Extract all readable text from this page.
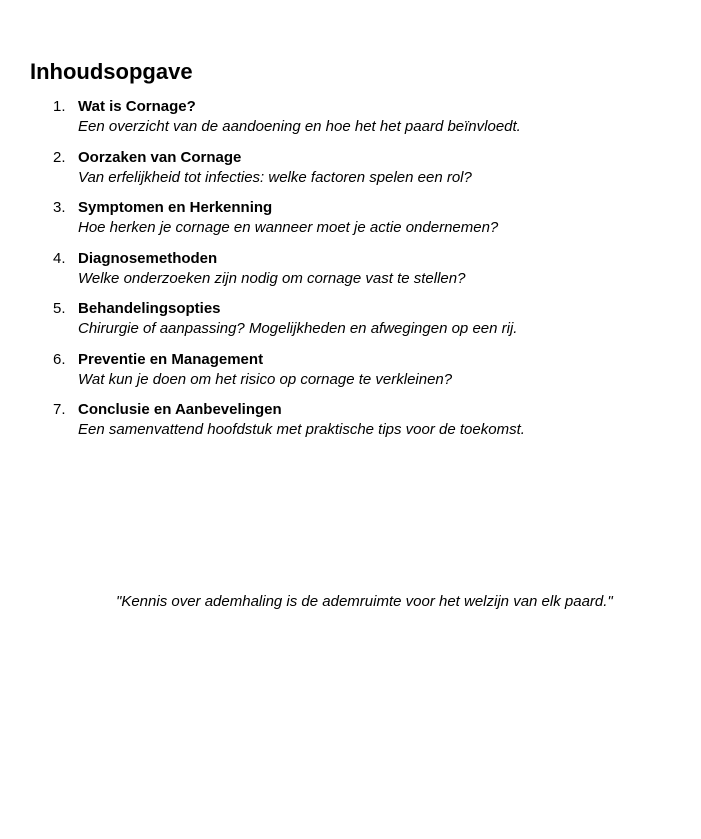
Inhoudsopgave
1. Wat is Cornage?
Een overzicht van de aandoening en hoe het het paard beïnvloedt.
2. Oorzaken van Cornage
Van erfelijkheid tot infecties: welke factoren spelen een rol?
3. Symptomen en Herkenning
Hoe herken je cornage en wanneer moet je actie ondernemen?
4. Diagnosemethoden
Welke onderzoeken zijn nodig om cornage vast te stellen?
5. Behandelingsopties
Chirurgie of aanpassing? Mogelijkheden en afwegingen op een rij.
6. Preventie en Management
Wat kun je doen om het risico op cornage te verkleinen?
7. Conclusie en Aanbevelingen
Een samenvattend hoofdstuk met praktische tips voor de toekomst.

"Kennis over ademhaling is de ademruimte voor het welzijn van elk paard."
